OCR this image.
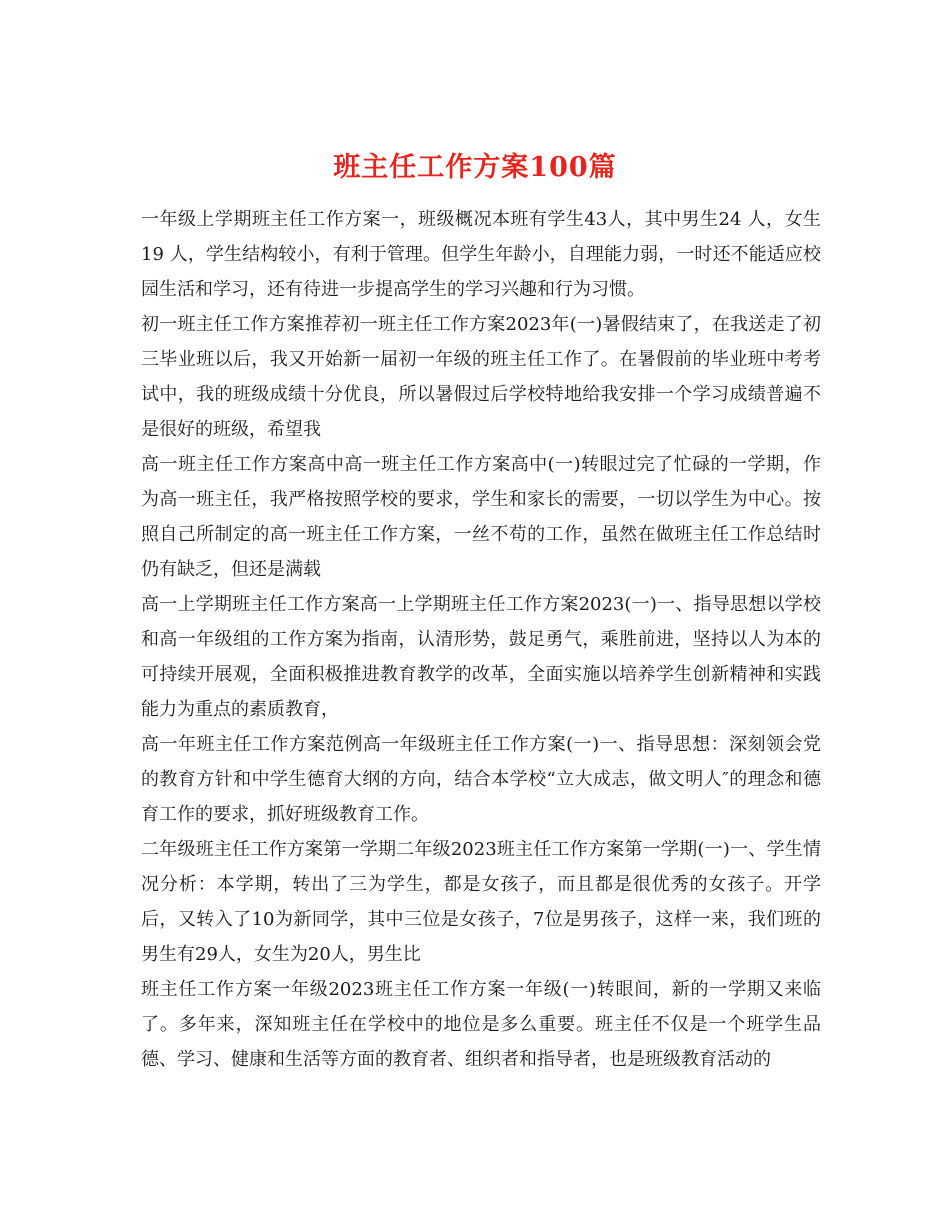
班主任工作方案100篇

一年级上学期班主任工作方案一，班级概况本班有学生43人，其中男生24 人，女生19 人，学生结构较小，有利于管理。但学生年龄小，自理能力弱，一时还不能适应校园生活和学习，还有待进一步提高学生的学习兴趣和行为习惯。

初一班主任工作方案推荐初一班主任工作方案2023年(一)暑假结束了，在我送走了初三毕业班以后，我又开始新一届初一年级的班主任工作了。在暑假前的毕业班中考考试中，我的班级成绩十分优良，所以暑假过后学校特地给我安排一个学习成绩普遍不是很好的班级，希望我

高一班主任工作方案高中高一班主任工作方案高中(一)转眼过完了忙碌的一学期，作为高一班主任，我严格按照学校的要求，学生和家长的需要，一切以学生为中心。按照自己所制定的高一班主任工作方案，一丝不苟的工作，虽然在做班主任工作总结时仍有缺乏，但还是满载

高一上学期班主任工作方案高一上学期班主任工作方案2023(一)一、指导思想以学校和高一年级组的工作方案为指南，认清形势，鼓足勇气，乘胜前进，坚持以人为本的可持续开展观，全面积极推进教育教学的改革，全面实施以培养学生创新精神和实践能力为重点的素质教育，

高一年班主任工作方案范例高一年级班主任工作方案(一)一、指导思想：深刻领会党的教育方针和中学生德育大纲的方向，结合本学校“立大成志，做文明人″的理念和德育工作的要求，抓好班级教育工作。

二年级班主任工作方案第一学期二年级2023班主任工作方案第一学期(一)一、学生情况分析：本学期，转出了三为学生，都是女孩子，而且都是很优秀的女孩子。开学后，又转入了10为新同学，其中三位是女孩子，7位是男孩子，这样一来，我们班的男生有29人，女生为20人，男生比

班主任工作方案一年级2023班主任工作方案一年级(一)转眼间，新的一学期又来临了。多年来，深知班主任在学校中的地位是多么重要。班主任不仅是一个班学生品德、学习、健康和生活等方面的教育者、组织者和指导者，也是班级教育活动的
